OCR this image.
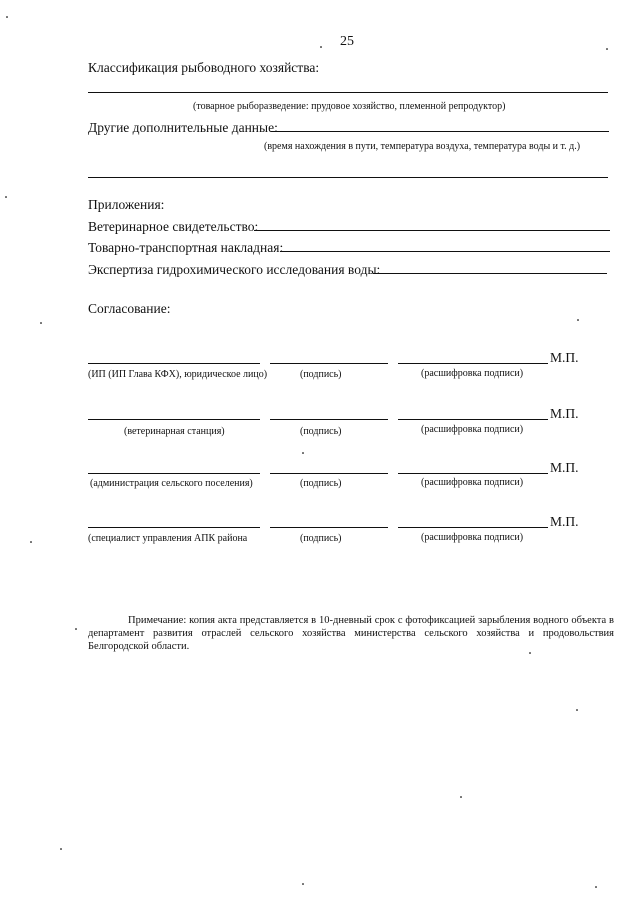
25
Классификация рыбоводного хозяйства:
(товарное рыборазведение: прудовое хозяйство, племенной репродуктор)
Другие дополнительные данные:
(время нахождения в пути, температура воздуха, температура воды и т. д.)
Приложения:
Ветеринарное свидетельство:
Товарно-транспортная накладная:
Экспертиза гидрохимического исследования воды:
Согласование:
М.П.
(ИП (ИП Глава КФХ), юридическое лицо)	(подпись)	(расшифровка подписи)
М.П.
(ветеринарная станция)	(подпись)	(расшифровка подписи)
М.П.
(администрация сельского поселения)	(подпись)	(расшифровка подписи)
М.П.
(специалист управления АПК района	(подпись)	(расшифровка подписи)
Примечание: копия акта представляется в 10-дневный срок с фотофиксацией зарыбления водного объекта в департамент развития отраслей сельского хозяйства министерства сельского хозяйства и продовольствия Белгородской области.
